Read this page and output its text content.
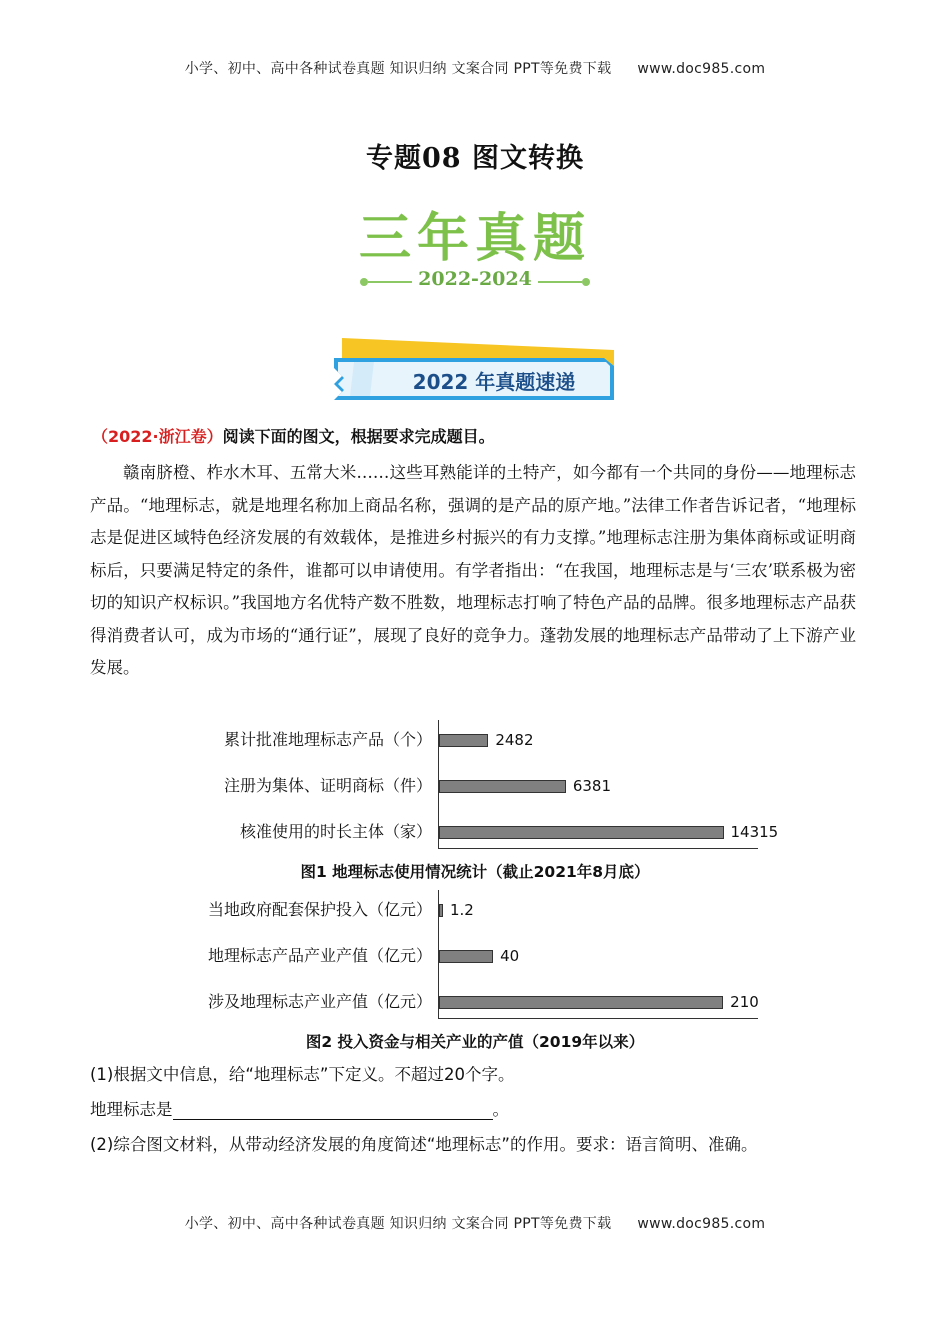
小学、初中、高中各种试卷真题 知识归纳 文案合同 PPT等免费下载 www.doc985.com
专题08 图文转换
三年真题
2022-2024
2022 年真题速递
（2022·浙江卷）阅读下面的图文，根据要求完成题目。
赣南脐橙、柞水木耳、五常大米……这些耳熟能详的土特产，如今都有一个共同的身份——地理标志产品。“地理标志，就是地理名称加上商品名称，强调的是产品的原产地。”法律工作者告诉记者，“地理标志是促进区域特色经济发展的有效载体，是推进乡村振兴的有力支撑。”地理标志注册为集体商标或证明商标后，只要满足特定的条件，谁都可以申请使用。有学者指出：“在我国，地理标志是与‘三农’联系极为密切的知识产权标识。”我国地方名优特产数不胜数，地理标志打响了特色产品的品牌。很多地理标志产品获得消费者认可，成为市场的“通行证”，展现了良好的竞争力。蓬勃发展的地理标志产品带动了上下游产业发展。
累计批准地理标志产品（个）	2482
注册为集体、证明商标（件）	6381
核准使用的时长主体（家）	14315
图1 地理标志使用情况统计（截止2021年8月底）
当地政府配套保护投入（亿元） 1.2
地理标志产品产业产值（亿元）	40
涉及地理标志产业产值（亿元）	210
图2 投入资金与相关产业的产值（2019年以来）
(1)根据文中信息，给“地理标志”下定义。不超过20个字。
地理标志是	。
(2)综合图文材料，从带动经济发展的角度简述“地理标志”的作用。要求：语言简明、准确。
小学、初中、高中各种试卷真题 知识归纳 文案合同 PPT等免费下载 www.doc985.com
